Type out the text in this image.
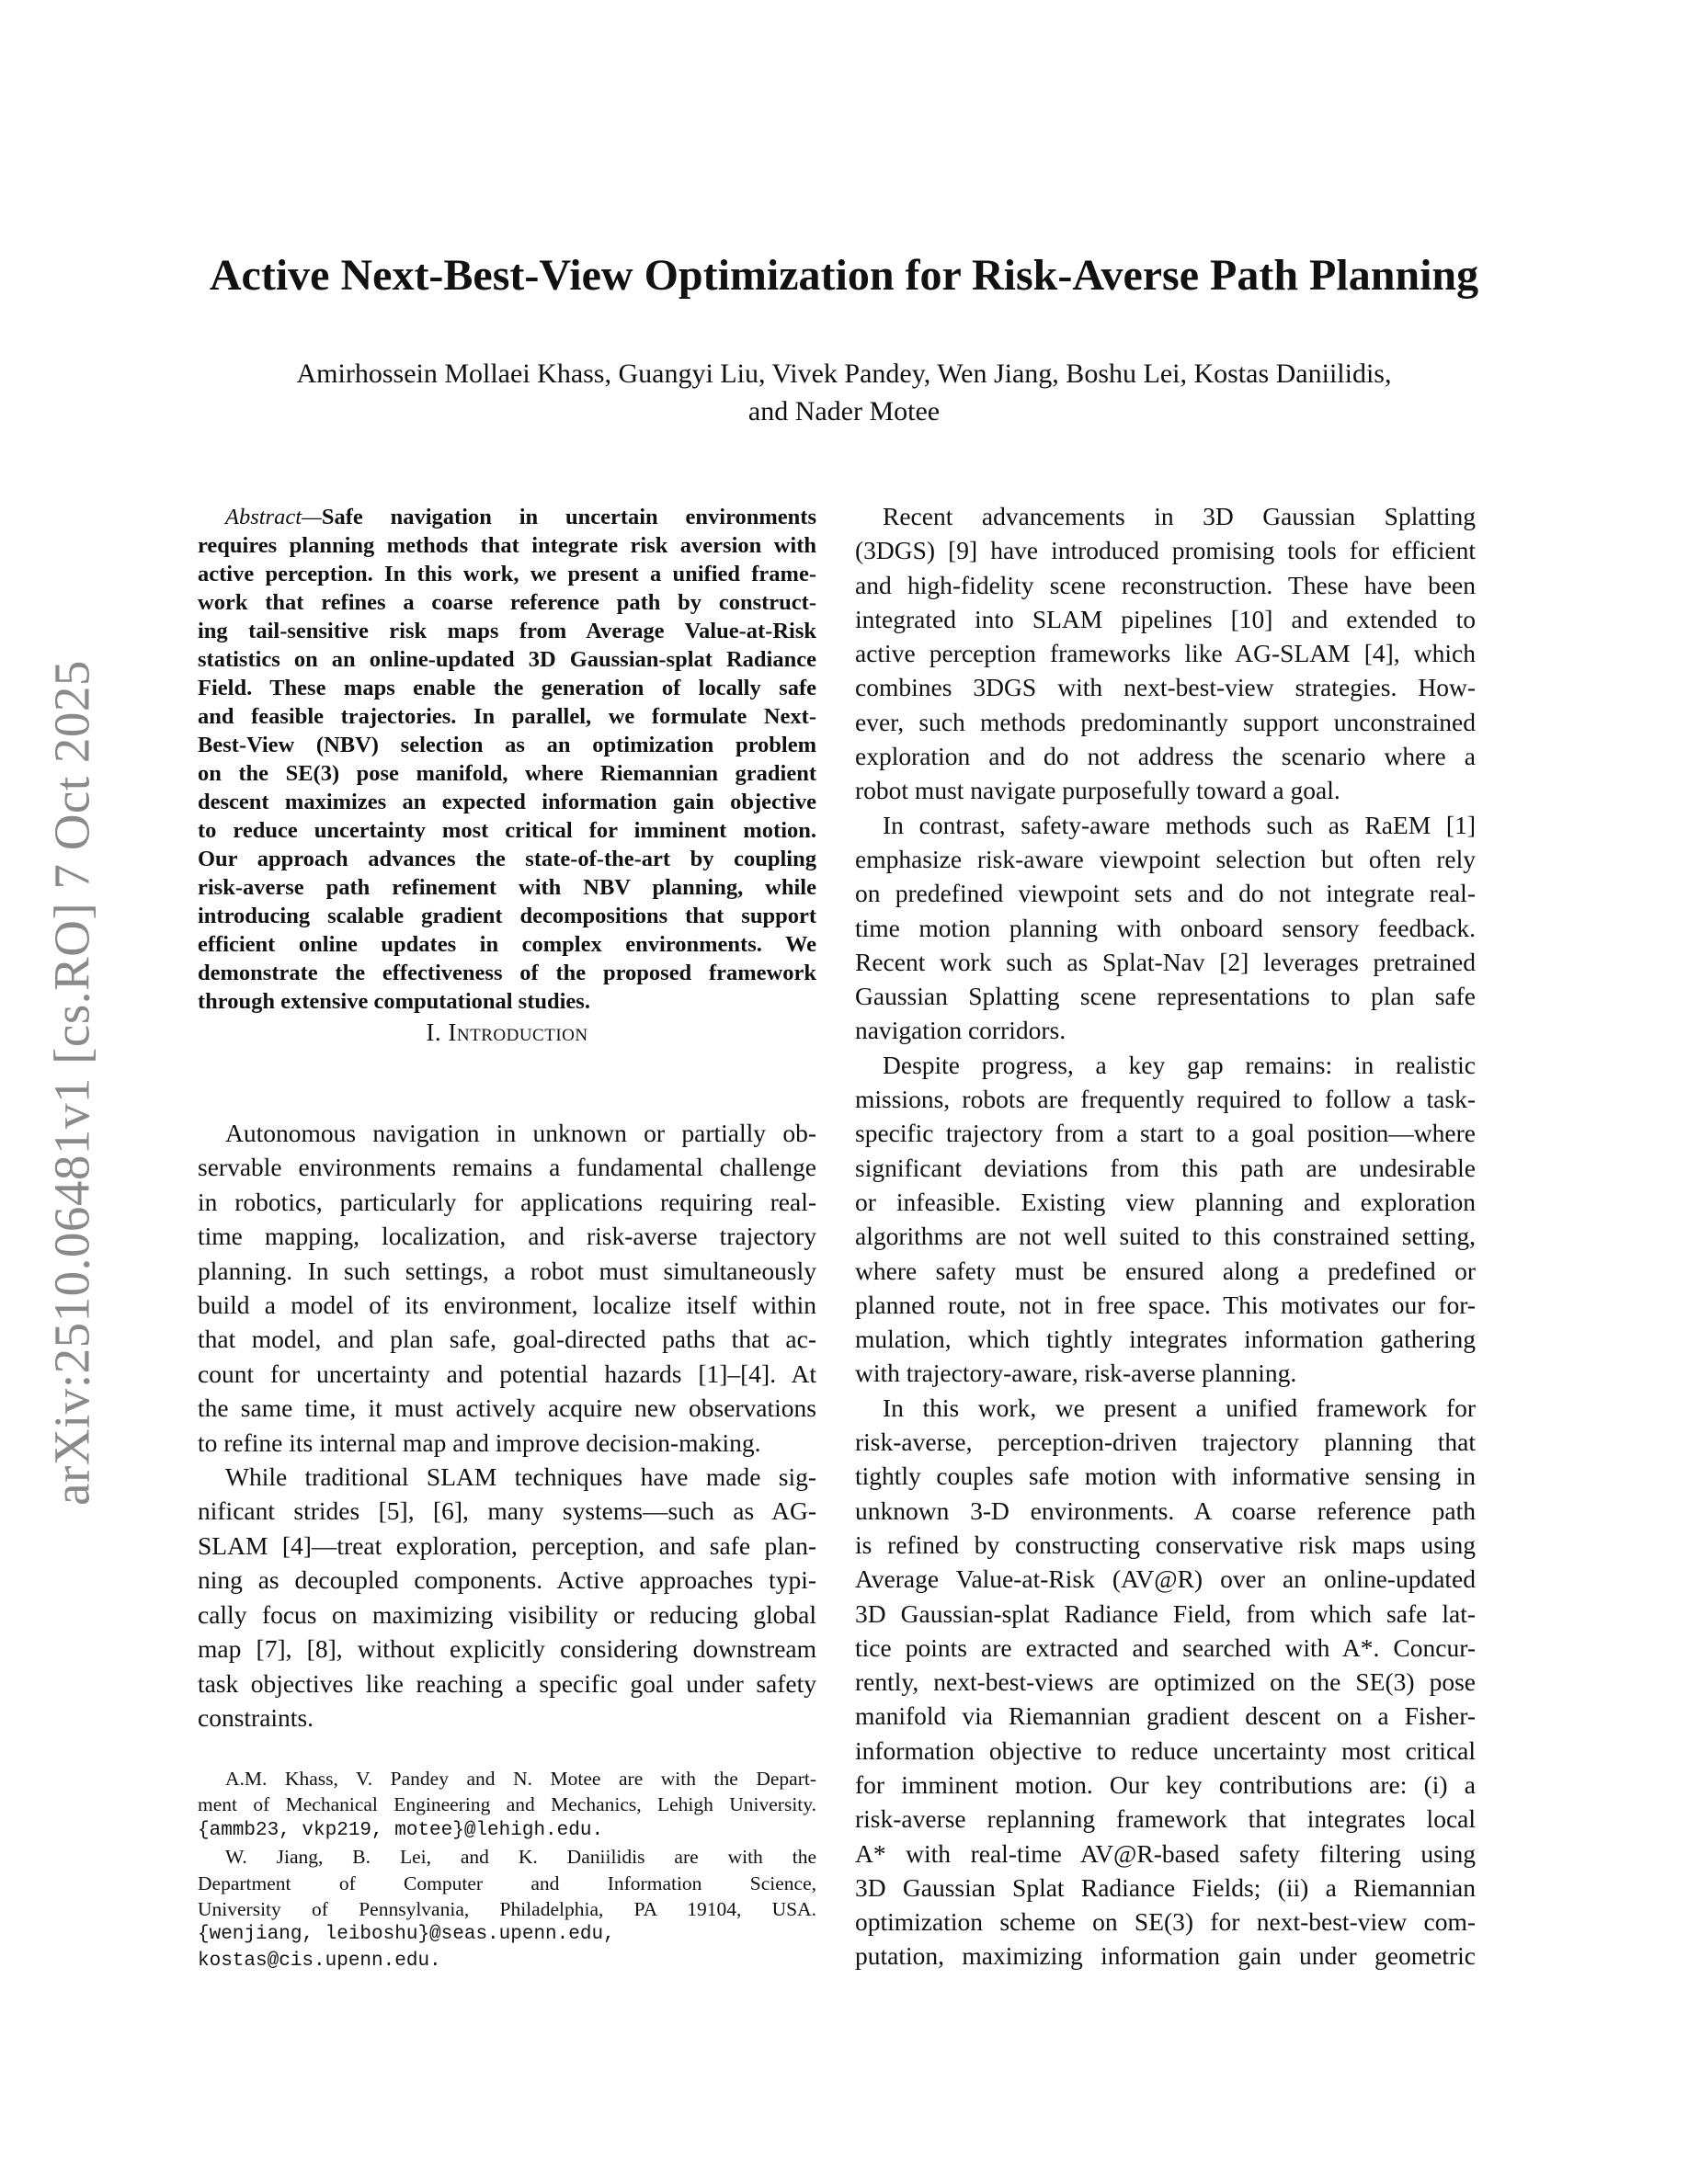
arXiv:2510.06481v1 [cs.RO] 7 Oct 2025
Active Next-Best-View Optimization for Risk-Averse Path Planning
Amirhossein Mollaei Khass, Guangyi Liu, Vivek Pandey, Wen Jiang, Boshu Lei, Kostas Daniilidis,
and Nader Motee
Abstract—Safe navigation in uncertain environments
requires planning methods that integrate risk aversion with
active perception. In this work, we present a unified frame-
work that refines a coarse reference path by construct-
ing tail-sensitive risk maps from Average Value-at-Risk
statistics on an online-updated 3D Gaussian-splat Radiance
Field. These maps enable the generation of locally safe
and feasible trajectories. In parallel, we formulate Next-
Best-View (NBV) selection as an optimization problem
on the SE(3) pose manifold, where Riemannian gradient
descent maximizes an expected information gain objective
to reduce uncertainty most critical for imminent motion.
Our approach advances the state-of-the-art by coupling
risk-averse path refinement with NBV planning, while
introducing scalable gradient decompositions that support
efficient online updates in complex environments. We
demonstrate the effectiveness of the proposed framework
through extensive computational studies.
I. Introduction
Autonomous navigation in unknown or partially ob-
servable environments remains a fundamental challenge
in robotics, particularly for applications requiring real-
time mapping, localization, and risk-averse trajectory
planning. In such settings, a robot must simultaneously
build a model of its environment, localize itself within
that model, and plan safe, goal-directed paths that ac-
count for uncertainty and potential hazards [1]–[4]. At
the same time, it must actively acquire new observations
to refine its internal map and improve decision-making.
While traditional SLAM techniques have made sig-
nificant strides [5], [6], many systems—such as AG-
SLAM [4]—treat exploration, perception, and safe plan-
ning as decoupled components. Active approaches typi-
cally focus on maximizing visibility or reducing global
map [7], [8], without explicitly considering downstream
task objectives like reaching a specific goal under safety
constraints.
A.M. Khass, V. Pandey and N. Motee are with the Depart-
ment of Mechanical Engineering and Mechanics, Lehigh University.
{ammb23, vkp219, motee}@lehigh.edu.
W. Jiang, B. Lei, and K. Daniilidis are with the
Department of Computer and Information Science,
University of Pennsylvania, Philadelphia, PA 19104, USA.
{wenjiang, leiboshu}@seas.upenn.edu,
kostas@cis.upenn.edu.
Recent advancements in 3D Gaussian Splatting
(3DGS) [9] have introduced promising tools for efficient
and high-fidelity scene reconstruction. These have been
integrated into SLAM pipelines [10] and extended to
active perception frameworks like AG-SLAM [4], which
combines 3DGS with next-best-view strategies. How-
ever, such methods predominantly support unconstrained
exploration and do not address the scenario where a
robot must navigate purposefully toward a goal.
In contrast, safety-aware methods such as RaEM [1]
emphasize risk-aware viewpoint selection but often rely
on predefined viewpoint sets and do not integrate real-
time motion planning with onboard sensory feedback.
Recent work such as Splat-Nav [2] leverages pretrained
Gaussian Splatting scene representations to plan safe
navigation corridors.
Despite progress, a key gap remains: in realistic
missions, robots are frequently required to follow a task-
specific trajectory from a start to a goal position—where
significant deviations from this path are undesirable
or infeasible. Existing view planning and exploration
algorithms are not well suited to this constrained setting,
where safety must be ensured along a predefined or
planned route, not in free space. This motivates our for-
mulation, which tightly integrates information gathering
with trajectory-aware, risk-averse planning.
In this work, we present a unified framework for
risk-averse, perception-driven trajectory planning that
tightly couples safe motion with informative sensing in
unknown 3-D environments. A coarse reference path
is refined by constructing conservative risk maps using
Average Value-at-Risk (AV@R) over an online-updated
3D Gaussian-splat Radiance Field, from which safe lat-
tice points are extracted and searched with A*. Concur-
rently, next-best-views are optimized on the SE(3) pose
manifold via Riemannian gradient descent on a Fisher-
information objective to reduce uncertainty most critical
for imminent motion. Our key contributions are: (i) a
risk-averse replanning framework that integrates local
A* with real-time AV@R-based safety filtering using
3D Gaussian Splat Radiance Fields; (ii) a Riemannian
optimization scheme on SE(3) for next-best-view com-
putation, maximizing information gain under geometric
